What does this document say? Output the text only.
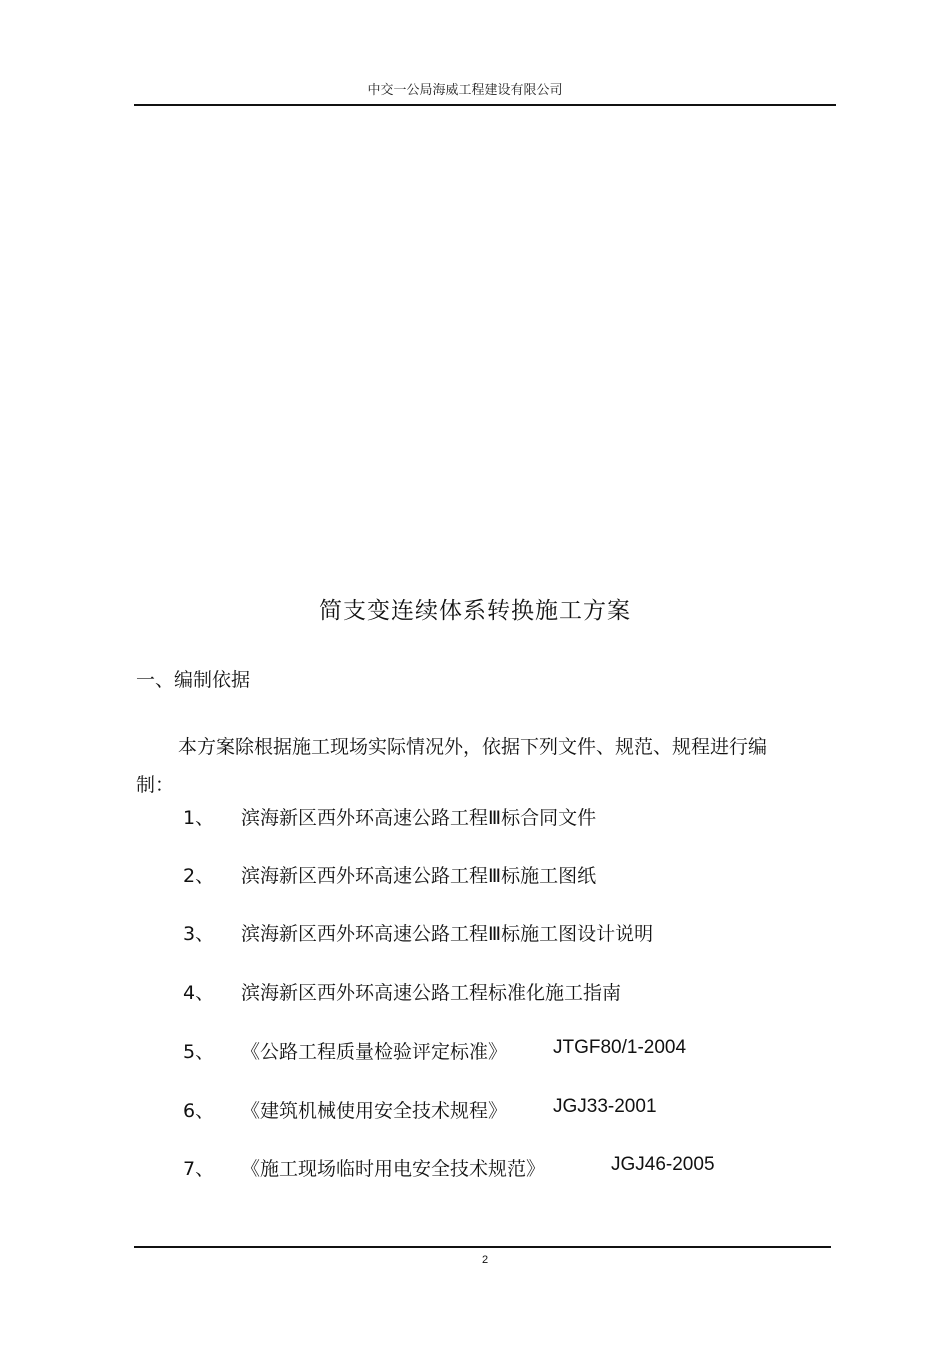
中交一公局海威工程建设有限公司
简支变连续体系转换施工方案
一、编制依据
本方案除根据施工现场实际情况外，依据下列文件、规范、规程进行编制：
1、 滨海新区西外环高速公路工程Ⅲ标合同文件
2、 滨海新区西外环高速公路工程Ⅲ标施工图纸
3、 滨海新区西外环高速公路工程Ⅲ标施工图设计说明
4、 滨海新区西外环高速公路工程标准化施工指南
5、 《公路工程质量检验评定标准》 JTGF80/1-2004
6、 《建筑机械使用安全技术规程》 JGJ33-2001
7、 《施工现场临时用电安全技术规范》	JGJ46-2005
2
